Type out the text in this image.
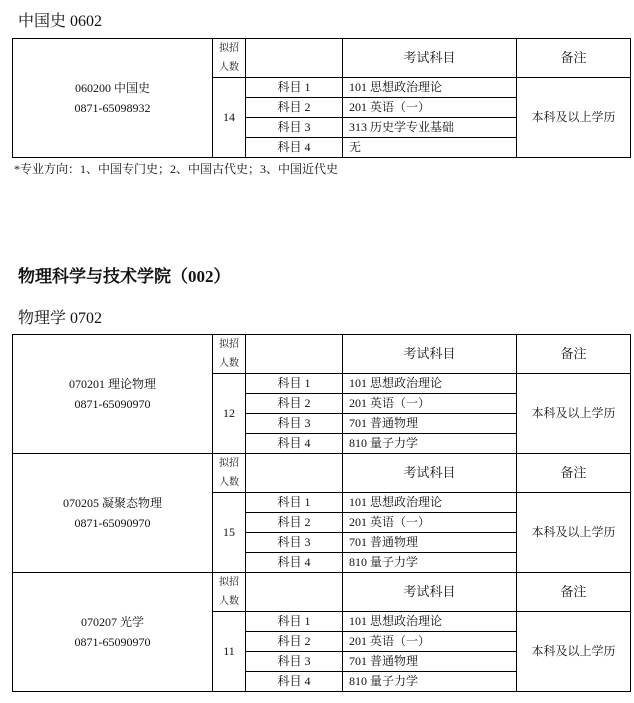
中国史 0602
*专业方向：1、中国专门史；2、中国古代史；3、中国近代史
物理科学与技术学院（002）
物理学 0702
060200 中国史
0871-65098932	拟招人数		考试科目	备注
	14	科目 1	101 思想政治理论	本科及以上学历
		科目 2	201 英语（一）	
		科目 3	313 历史学专业基础	
		科目 4	无	
070201 理论物理
0871-65090970	拟招人数		考试科目	备注
	12	科目 1	101 思想政治理论	本科及以上学历
		科目 2	201 英语（一）	
		科目 3	701 普通物理	
		科目 4	810 量子力学	

070205 凝聚态物理
0871-65090970	拟招人数		考试科目	备注
	15	科目 1	101 思想政治理论	本科及以上学历
		科目 2	201 英语（一）	
		科目 3	701 普通物理	
		科目 4	810 量子力学	

070207 光学
0871-65090970	拟招人数		考试科目	备注
	11	科目 1	101 思想政治理论	本科及以上学历
		科目 2	201 英语（一）	
		科目 3	701 普通物理	
		科目 4	810 量子力学	
